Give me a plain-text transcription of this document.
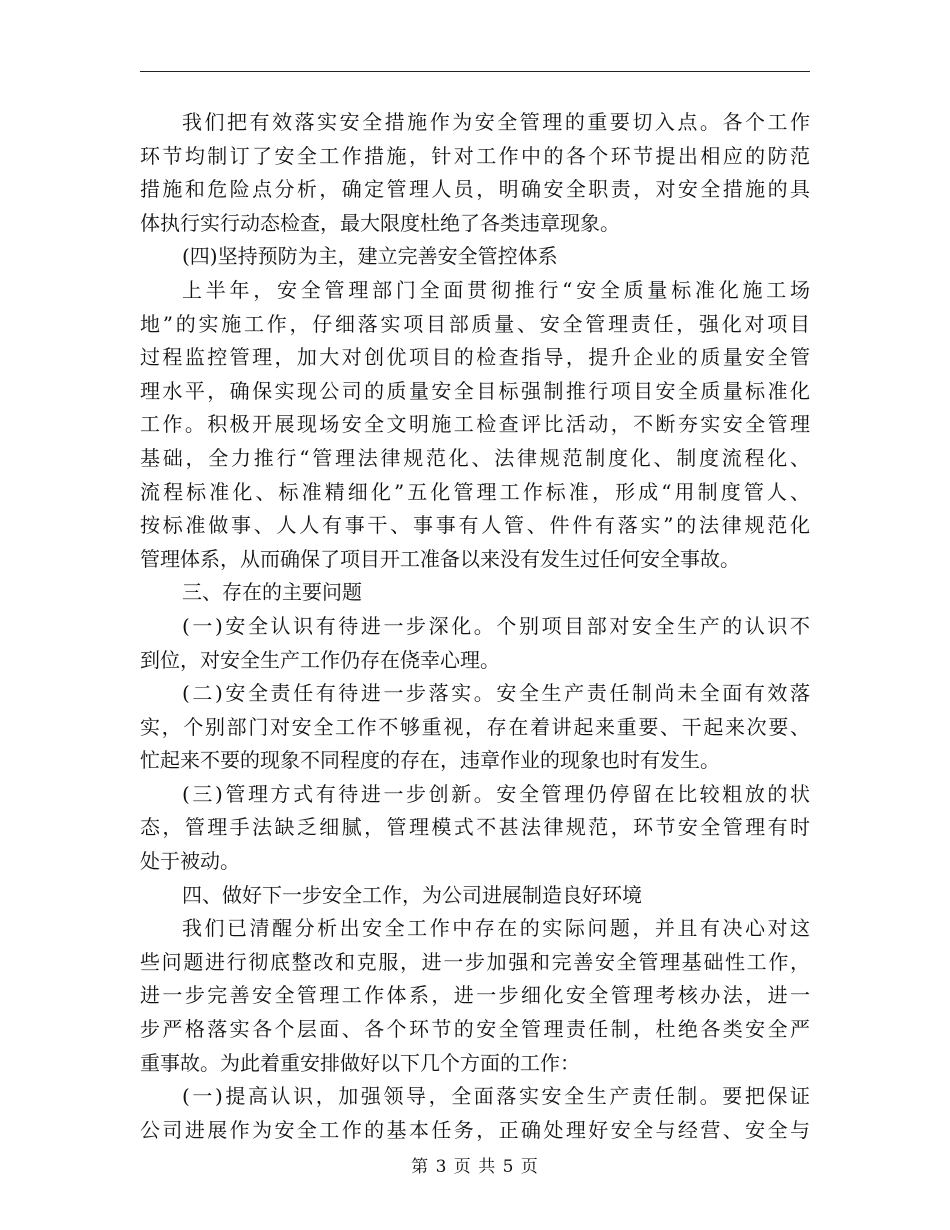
我们把有效落实安全措施作为安全管理的重要切入点。各个工作
环节均制订了安全工作措施，针对工作中的各个环节提出相应的防范
措施和危险点分析，确定管理人员，明确安全职责，对安全措施的具
体执行实行动态检查，最大限度杜绝了各类违章现象。
(四)坚持预防为主，建立完善安全管控体系
上半年，安全管理部门全面贯彻推行“安全质量标准化施工场
地”的实施工作，仔细落实项目部质量、安全管理责任，强化对项目
过程监控管理，加大对创优项目的检查指导，提升企业的质量安全管
理水平，确保实现公司的质量安全目标强制推行项目安全质量标准化
工作。积极开展现场安全文明施工检查评比活动，不断夯实安全管理
基础，全力推行“管理法律规范化、法律规范制度化、制度流程化、
流程标准化、标准精细化”五化管理工作标准，形成“用制度管人、
按标准做事、人人有事干、事事有人管、件件有落实”的法律规范化
管理体系，从而确保了项目开工准备以来没有发生过任何安全事故。
三、存在的主要问题
(一)安全认识有待进一步深化。个别项目部对安全生产的认识不
到位，对安全生产工作仍存在侥幸心理。
(二)安全责任有待进一步落实。安全生产责任制尚未全面有效落
实，个别部门对安全工作不够重视，存在着讲起来重要、干起来次要、
忙起来不要的现象不同程度的存在，违章作业的现象也时有发生。
(三)管理方式有待进一步创新。安全管理仍停留在比较粗放的状
态，管理手法缺乏细腻，管理模式不甚法律规范，环节安全管理有时
处于被动。
四、做好下一步安全工作，为公司进展制造良好环境
我们已清醒分析出安全工作中存在的实际问题，并且有决心对这
些问题进行彻底整改和克服，进一步加强和完善安全管理基础性工作，
进一步完善安全管理工作体系，进一步细化安全管理考核办法，进一
步严格落实各个层面、各个环节的安全管理责任制，杜绝各类安全严
重事故。为此着重安排做好以下几个方面的工作：
(一)提高认识，加强领导，全面落实安全生产责任制。要把保证
公司进展作为安全工作的基本任务，正确处理好安全与经营、安全与
第 3 页 共 5 页
